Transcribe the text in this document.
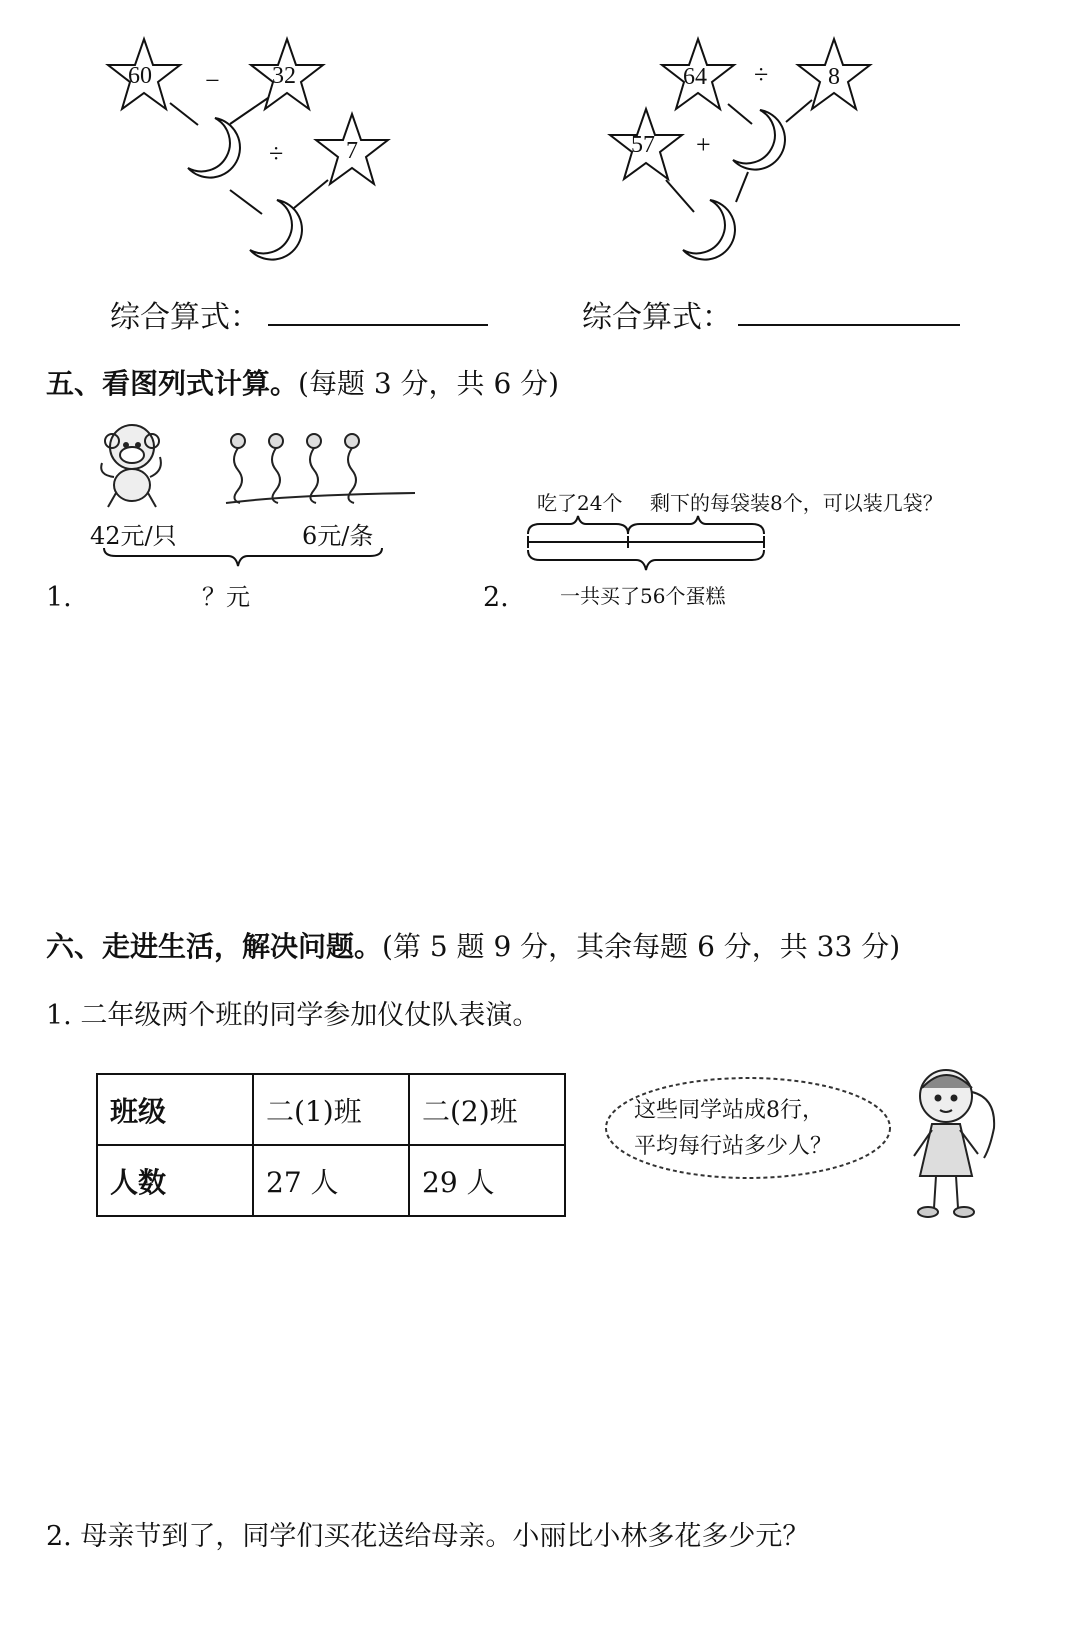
60 − 32
÷	7
64 ÷ 8
57 +
综合算式：	综合算式：
五、看图列式计算。(每题 3 分，共 6 分)
42元/只	6元/条
？元
1.
吃了24个 剩下的每袋装8个，可以装几袋？
一共买了56个蛋糕
2.
六、走进生活，解决问题。(第 5 题 9 分，其余每题 6 分，共 33 分)
1. 二年级两个班的同学参加仪仗队表演。
班级	二(1)班	二(2)班
人数	27 人	29 人
这些同学站成8行，
平均每行站多少人？
2. 母亲节到了，同学们买花送给母亲。小丽比小林多花多少元？
